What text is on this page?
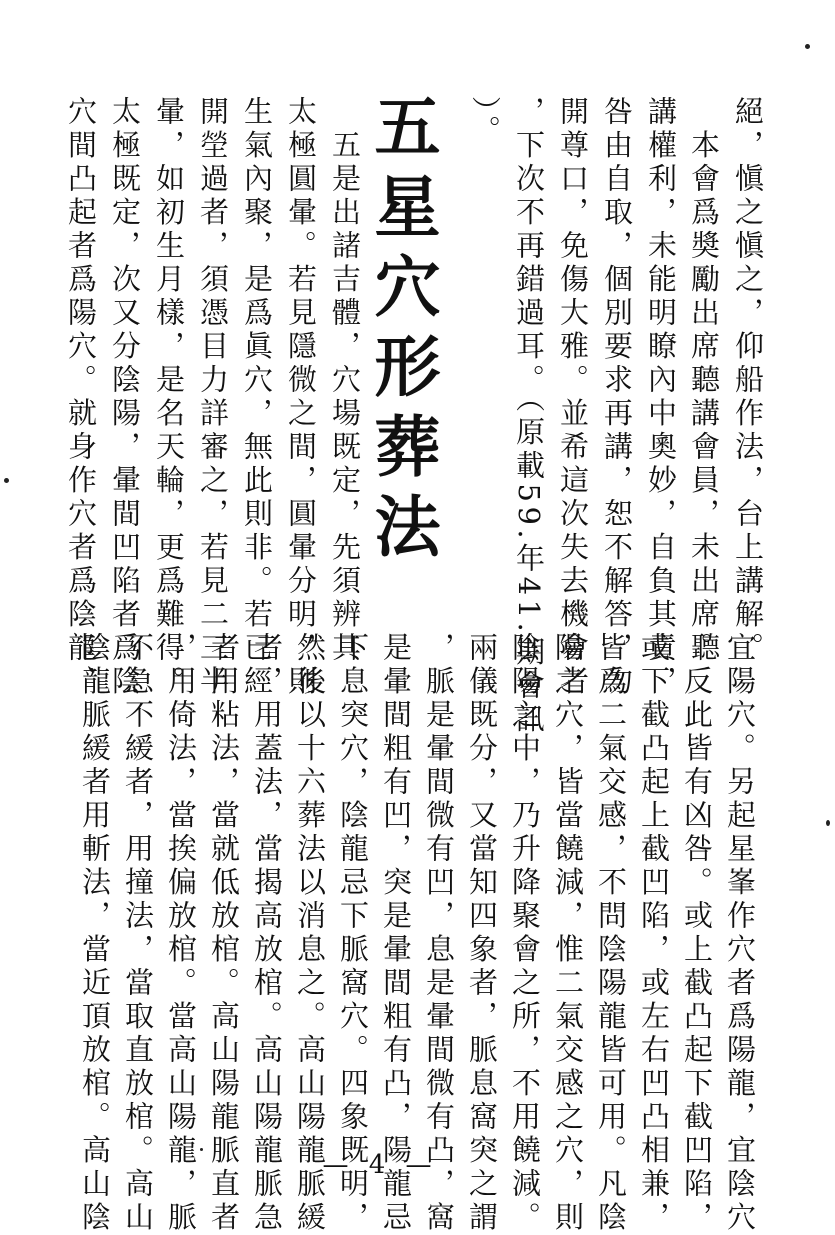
絕，愼之愼之，仰船作法，台上講解。
　本會爲奬勵出席聽講會員，未出席聽
講權利，未能明瞭內中奧妙，自負其責，
咎由自取，個別要求再講，恕不解答，勿
開尊口，免傷大雅。並希這次失去機會者
，下次不再錯過耳。（原載59.年41.期會訊
）。
五星穴形葬法
　五是出諸吉體，穴場既定，先須辨其
太極圓暈。若見隱微之間，圓暈分明，則
生氣內聚，是爲眞穴，無此則非。若已經
開塋過者，須憑目力詳審之，若見二三半
暈，如初生月樣，是名天輪，更爲難得。
太極既定，次又分陰陽，暈間凹陷者爲陰
穴間凸起者爲陽穴。就身作穴者爲陰龍，
宜陽穴。另起星峯作穴者爲陽龍，宜陰穴
。反此皆有凶咎。或上截凸起下截凹陷，
或下截凸起上截凹陷，或左右凹凸相兼，
皆爲二氣交感，不問陰陽龍皆可用。凡陰
陽之穴，皆當饒減，惟二氣交感之穴，則
陰陽之中，乃升降聚會之所，不用饒減。
兩儀既分，又當知四象者，脈息窩突之謂
，脈是暈間微有凹，息是暈間微有凸，窩
是暈間粗有凹，突是暈間粗有凸，陽龍忌
下息突穴，陰龍忌下脈窩穴。四象既明，
然後以十六葬法以消息之。高山陽龍脈緩
者，用蓋法，當揭高放棺。高山陽龍脈急
者用粘法，當就低放棺。高山陽龍脈直者
，用倚法，當挨偏放棺。當高山陽龍，脈
不急不緩者，用撞法，當取直放棺。高山
陰龍脈緩者用斬法，當近頂放棺。高山陰	— 4 —
